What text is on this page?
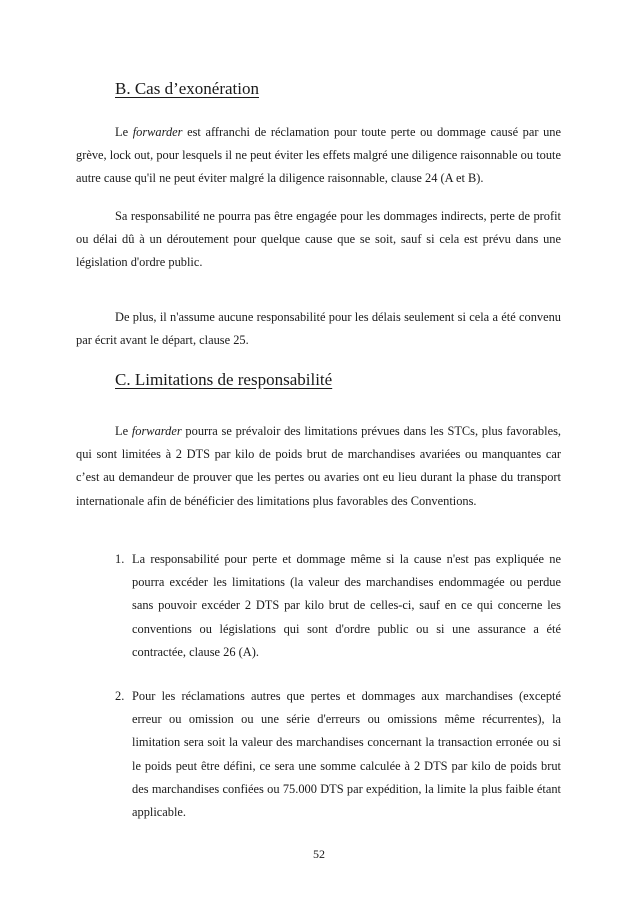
B. Cas d’exonération

Le forwarder est affranchi de réclamation pour toute perte ou dommage causé par une grève, lock out, pour lesquels il ne peut éviter les effets malgré une diligence raisonnable ou toute autre cause qu'il ne peut éviter malgré la diligence raisonnable, clause 24 (A et B).

Sa responsabilité ne pourra pas être engagée pour les dommages indirects, perte de profit ou délai dû à un déroutement pour quelque cause que se soit, sauf si cela est prévu dans une législation d'ordre public.

De plus, il n'assume aucune responsabilité pour les délais seulement si cela a été convenu par écrit avant le départ, clause 25.

C. Limitations de responsabilité

Le forwarder pourra se prévaloir des limitations prévues dans les STCs, plus favorables, qui sont limitées à 2 DTS par kilo de poids brut de marchandises avariées ou manquantes car c’est au demandeur de prouver que les pertes ou avaries ont eu lieu durant la phase du transport internationale afin de bénéficier des limitations plus favorables des Conventions.

1. La responsabilité pour perte et dommage même si la cause n'est pas expliquée ne pourra excéder les limitations (la valeur des marchandises endommagée ou perdue sans pouvoir excéder 2 DTS par kilo brut de celles-ci, sauf en ce qui concerne les conventions ou législations qui sont d'ordre public ou si une assurance a été contractée, clause 26 (A).
2. Pour les réclamations autres que pertes et dommages aux marchandises (excepté erreur ou omission ou une série d'erreurs ou omissions même récurrentes), la limitation sera soit la valeur des marchandises concernant la transaction erronée ou si le poids peut être défini, ce sera une somme calculée à 2 DTS par kilo de poids brut des marchandises confiées ou 75.000 DTS par expédition, la limite la plus faible étant applicable.
52
